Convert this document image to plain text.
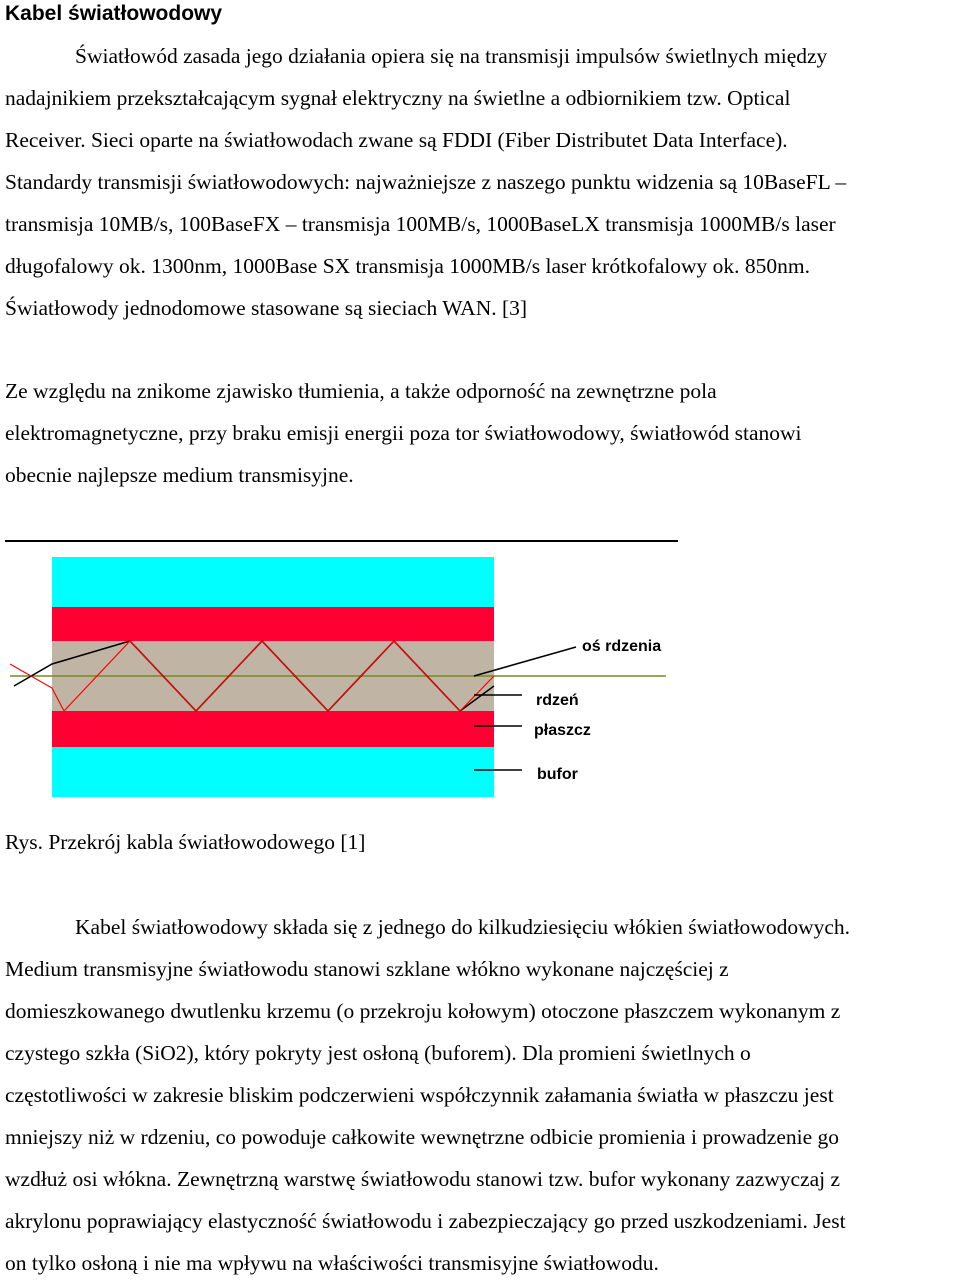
Kabel światłowodowy
Światłowód zasada jego działania opiera się na transmisji impulsów świetlnych między
nadajnikiem przekształcającym sygnał elektryczny na świetlne a odbiornikiem tzw. Optical
Receiver. Sieci oparte na światłowodach zwane są FDDI (Fiber Distributet Data Interface).
Standardy transmisji światłowodowych: najważniejsze z naszego punktu widzenia są 10BaseFL –
transmisja 10MB/s, 100BaseFX – transmisja 100MB/s, 1000BaseLX transmisja 1000MB/s laser
długofalowy ok. 1300nm, 1000Base SX transmisja 1000MB/s laser krótkofalowy ok. 850nm.
Światłowody jednodomowe stasowane są sieciach WAN. [3]
Ze względu na znikome zjawisko tłumienia, a także odporność na zewnętrzne pola
elektromagnetyczne, przy braku emisji energii poza tor światłowodowy, światłowód stanowi
obecnie najlepsze medium transmisyjne.
oś rdzenia
rdzeń
płaszcz
bufor

Rys. Przekrój kabla światłowodowego [1]

Kabel światłowodowy składa się z jednego do kilkudziesięciu włókien światłowodowych.
Medium transmisyjne światłowodu stanowi szklane włókno wykonane najczęściej z
domieszkowanego dwutlenku krzemu (o przekroju kołowym) otoczone płaszczem wykonanym z
czystego szkła (SiO2), który pokryty jest osłoną (buforem). Dla promieni świetlnych o
częstotliwości w zakresie bliskim podczerwieni współczynnik załamania światła w płaszczu jest
mniejszy niż w rdzeniu, co powoduje całkowite wewnętrzne odbicie promienia i prowadzenie go
wzdłuż osi włókna. Zewnętrzną warstwę światłowodu stanowi tzw. bufor wykonany zazwyczaj z
akrylonu poprawiający elastyczność światłowodu i zabezpieczający go przed uszkodzeniami. Jest
on tylko osłoną i nie ma wpływu na właściwości transmisyjne światłowodu.
